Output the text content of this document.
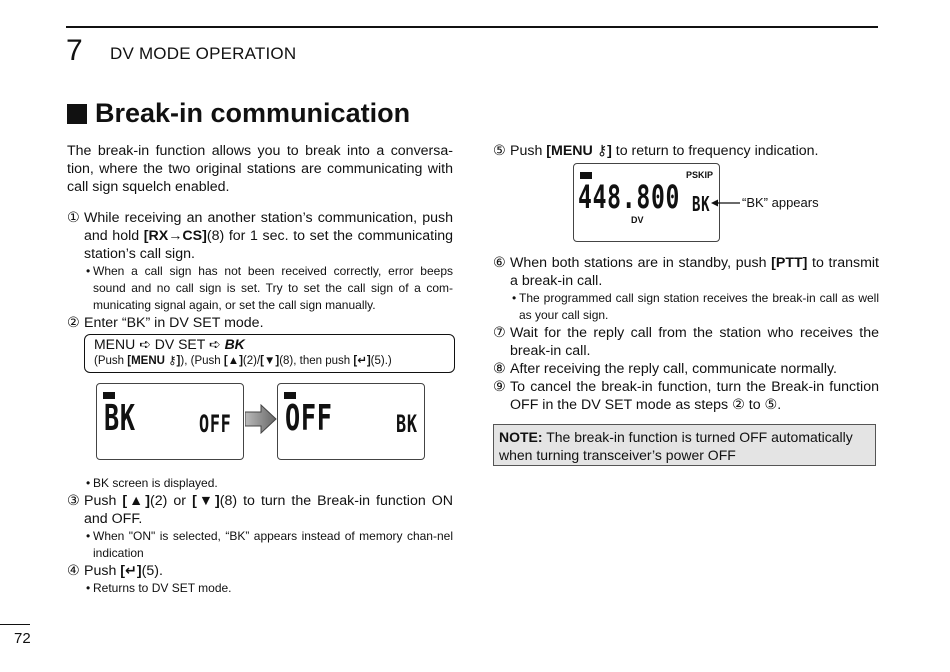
7 DV MODE OPERATION
Break-in communication

The break-in function allows you to break into a conversa-tion, where the two original stations are communicating with call sign squelch enabled.

① While receiving an another station’s communication, push and hold [RX→CS](8) for 1 sec. to set the communicating station’s call sign.

• When a call sign has not been received correctly, error beeps sound and no call sign is set. Try to set the call sign of a com-municating signal again, or set the call sign manually.

② Enter “BK” in DV SET mode.

MENU ➪ DV SET ➪ BK
(Push [MENU ⚷]), (Push [▲](2)/[▼](8), then push [↵](5).)

• BK screen is displayed.

③ Push [▲](2) or [▼](8) to turn the Break-in function ON and OFF.

• When "ON" is selected, “BK” appears instead of memory chan-nel indication

④ Push [↵](5).

• Returns to DV SET mode.

BK	OFF OFF	BK

⑤ Push [MENU ⚷] to return to frequency indication.

⑥ When both stations are in standby, push [PTT] to transmit a break-in call.

• The programmed call sign station receives the break-in call as well as your call sign.

⑦ Wait for the reply call from the station who receives the break-in call.

⑧ After receiving the reply call, communicate normally.

⑨ To cancel the break-in function, turn the Break-in function OFF in the DV SET mode as steps ② to ⑤.

PSKIP
448.800 BK
DV
“BK” appears
NOTE: The break-in function is turned OFF automatically when turning transceiver’s power OFF
72
